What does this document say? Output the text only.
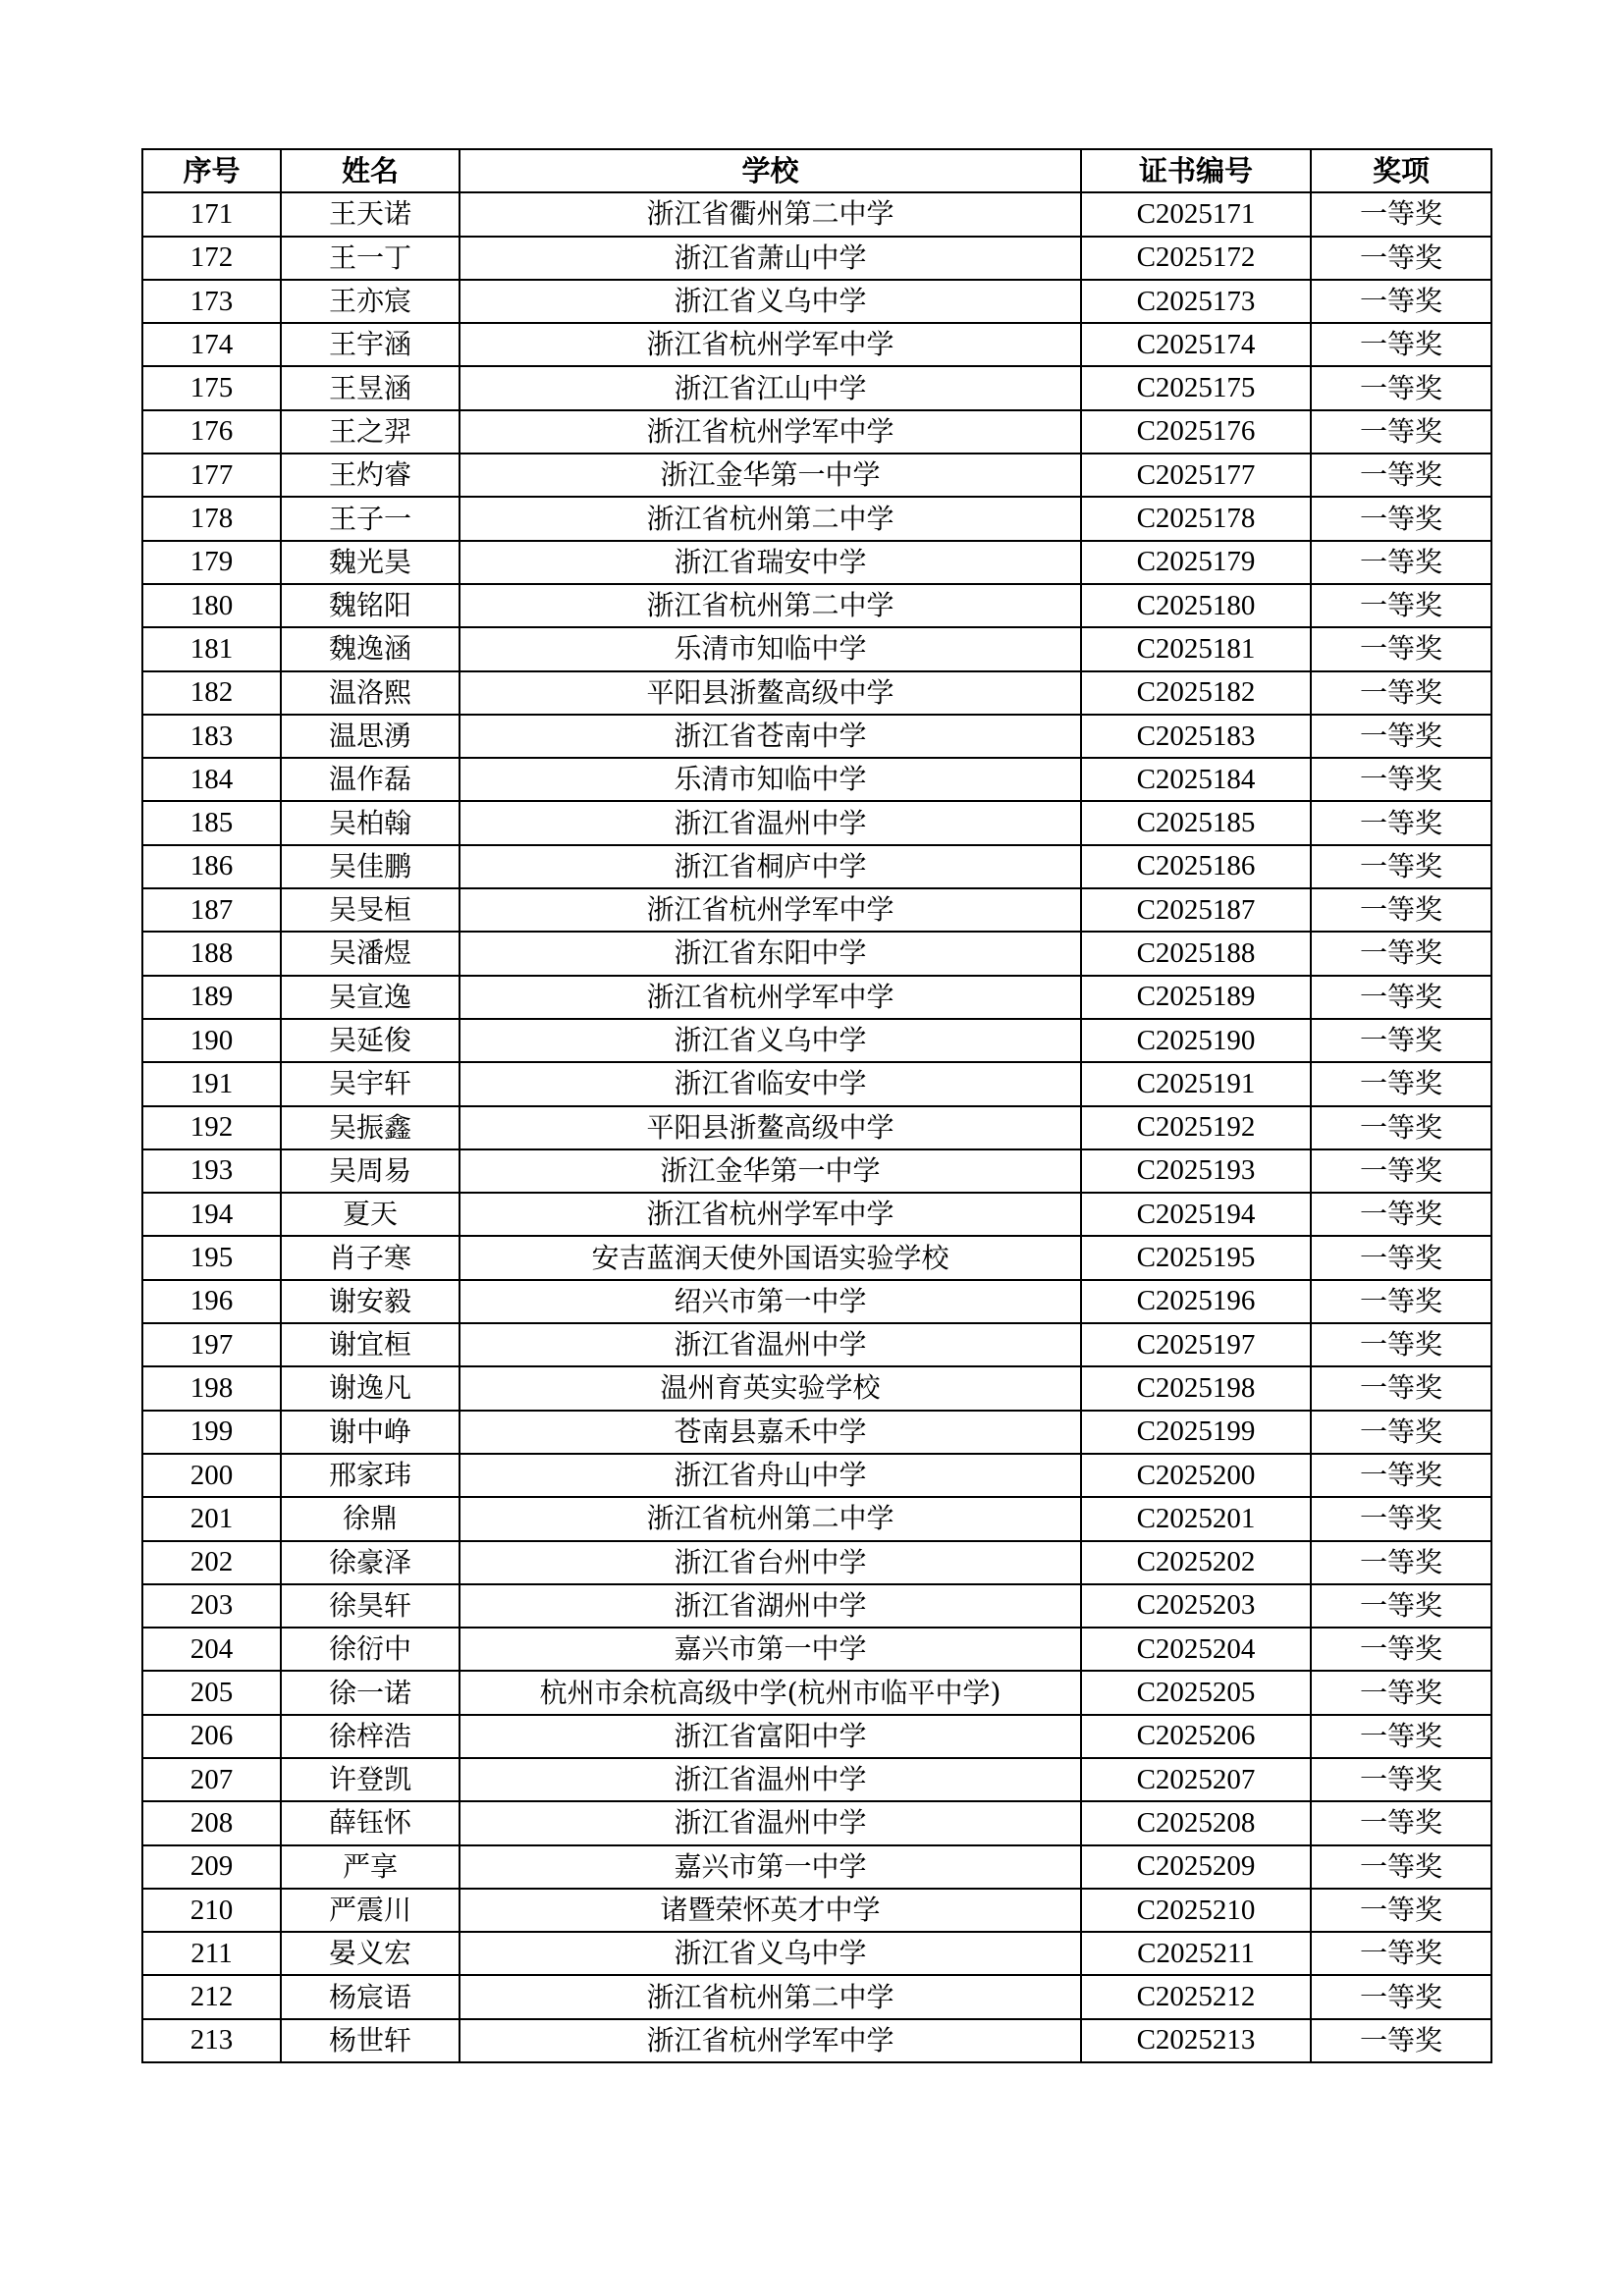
序号	姓名	学校	证书编号	奖项
171	王天诺	浙江省衢州第二中学	C2025171	一等奖
172	王一丁	浙江省萧山中学	C2025172	一等奖
173	王亦宸	浙江省义乌中学	C2025173	一等奖
174	王宇涵	浙江省杭州学军中学	C2025174	一等奖
175	王昱涵	浙江省江山中学	C2025175	一等奖
176	王之羿	浙江省杭州学军中学	C2025176	一等奖
177	王灼睿	浙江金华第一中学	C2025177	一等奖
178	王子一	浙江省杭州第二中学	C2025178	一等奖
179	魏光昊	浙江省瑞安中学	C2025179	一等奖
180	魏铭阳	浙江省杭州第二中学	C2025180	一等奖
181	魏逸涵	乐清市知临中学	C2025181	一等奖
182	温洛熙	平阳县浙鳌高级中学	C2025182	一等奖
183	温思湧	浙江省苍南中学	C2025183	一等奖
184	温作磊	乐清市知临中学	C2025184	一等奖
185	吴柏翰	浙江省温州中学	C2025185	一等奖
186	吴佳鹏	浙江省桐庐中学	C2025186	一等奖
187	吴旻桓	浙江省杭州学军中学	C2025187	一等奖
188	吴潘煜	浙江省东阳中学	C2025188	一等奖
189	吴宣逸	浙江省杭州学军中学	C2025189	一等奖
190	吴延俊	浙江省义乌中学	C2025190	一等奖
191	吴宇轩	浙江省临安中学	C2025191	一等奖
192	吴振鑫	平阳县浙鳌高级中学	C2025192	一等奖
193	吴周易	浙江金华第一中学	C2025193	一等奖
194	夏天	浙江省杭州学军中学	C2025194	一等奖
195	肖子寒	安吉蓝润天使外国语实验学校	C2025195	一等奖
196	谢安毅	绍兴市第一中学	C2025196	一等奖
197	谢宜桓	浙江省温州中学	C2025197	一等奖
198	谢逸凡	温州育英实验学校	C2025198	一等奖
199	谢中峥	苍南县嘉禾中学	C2025199	一等奖
200	邢家玮	浙江省舟山中学	C2025200	一等奖
201	徐鼎	浙江省杭州第二中学	C2025201	一等奖
202	徐豪泽	浙江省台州中学	C2025202	一等奖
203	徐昊轩	浙江省湖州中学	C2025203	一等奖
204	徐衍中	嘉兴市第一中学	C2025204	一等奖
205	徐一诺	杭州市余杭高级中学(杭州市临平中学)	C2025205	一等奖
206	徐梓浩	浙江省富阳中学	C2025206	一等奖
207	许登凯	浙江省温州中学	C2025207	一等奖
208	薛钰怀	浙江省温州中学	C2025208	一等奖
209	严享	嘉兴市第一中学	C2025209	一等奖
210	严震川	诸暨荣怀英才中学	C2025210	一等奖
211	晏义宏	浙江省义乌中学	C2025211	一等奖
212	杨宸语	浙江省杭州第二中学	C2025212	一等奖
213	杨世轩	浙江省杭州学军中学	C2025213	一等奖
